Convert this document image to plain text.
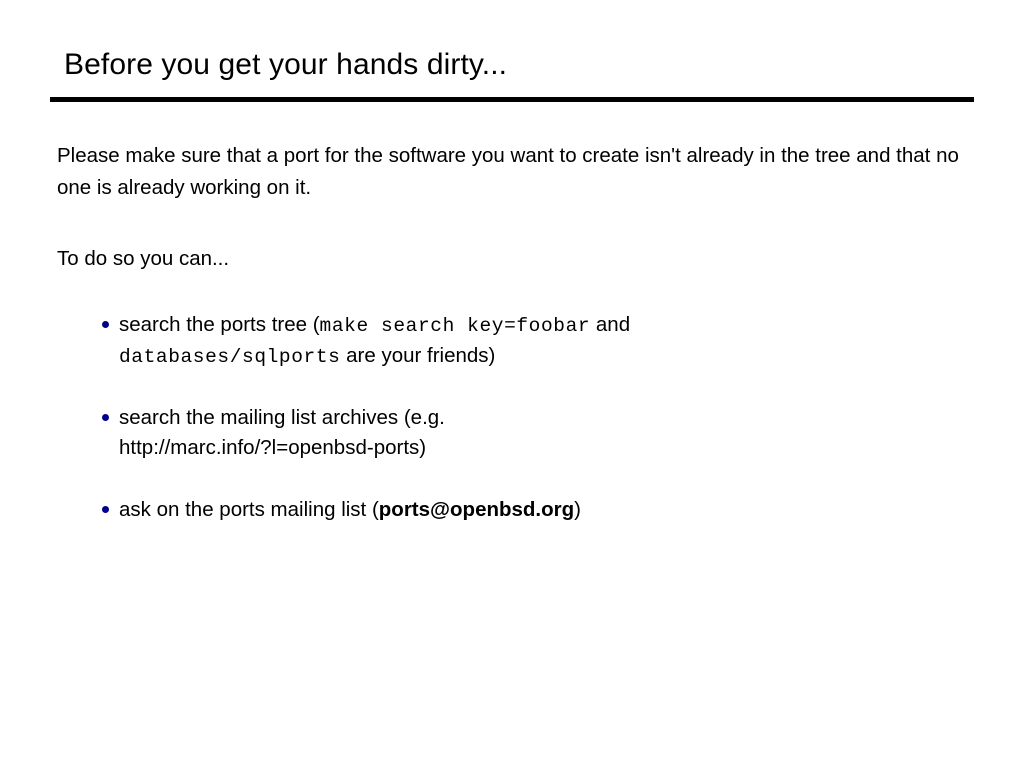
Before you get your hands dirty...
Please make sure that a port for the software you want to create isn't already in the tree and that no one is already working on it.
To do so you can...
search the ports tree (make search key=foobar and
databases/sqlports are your friends)
search the mailing list archives (e.g.
http://marc.info/?l=openbsd-ports)
ask on the ports mailing list (ports@openbsd.org)
